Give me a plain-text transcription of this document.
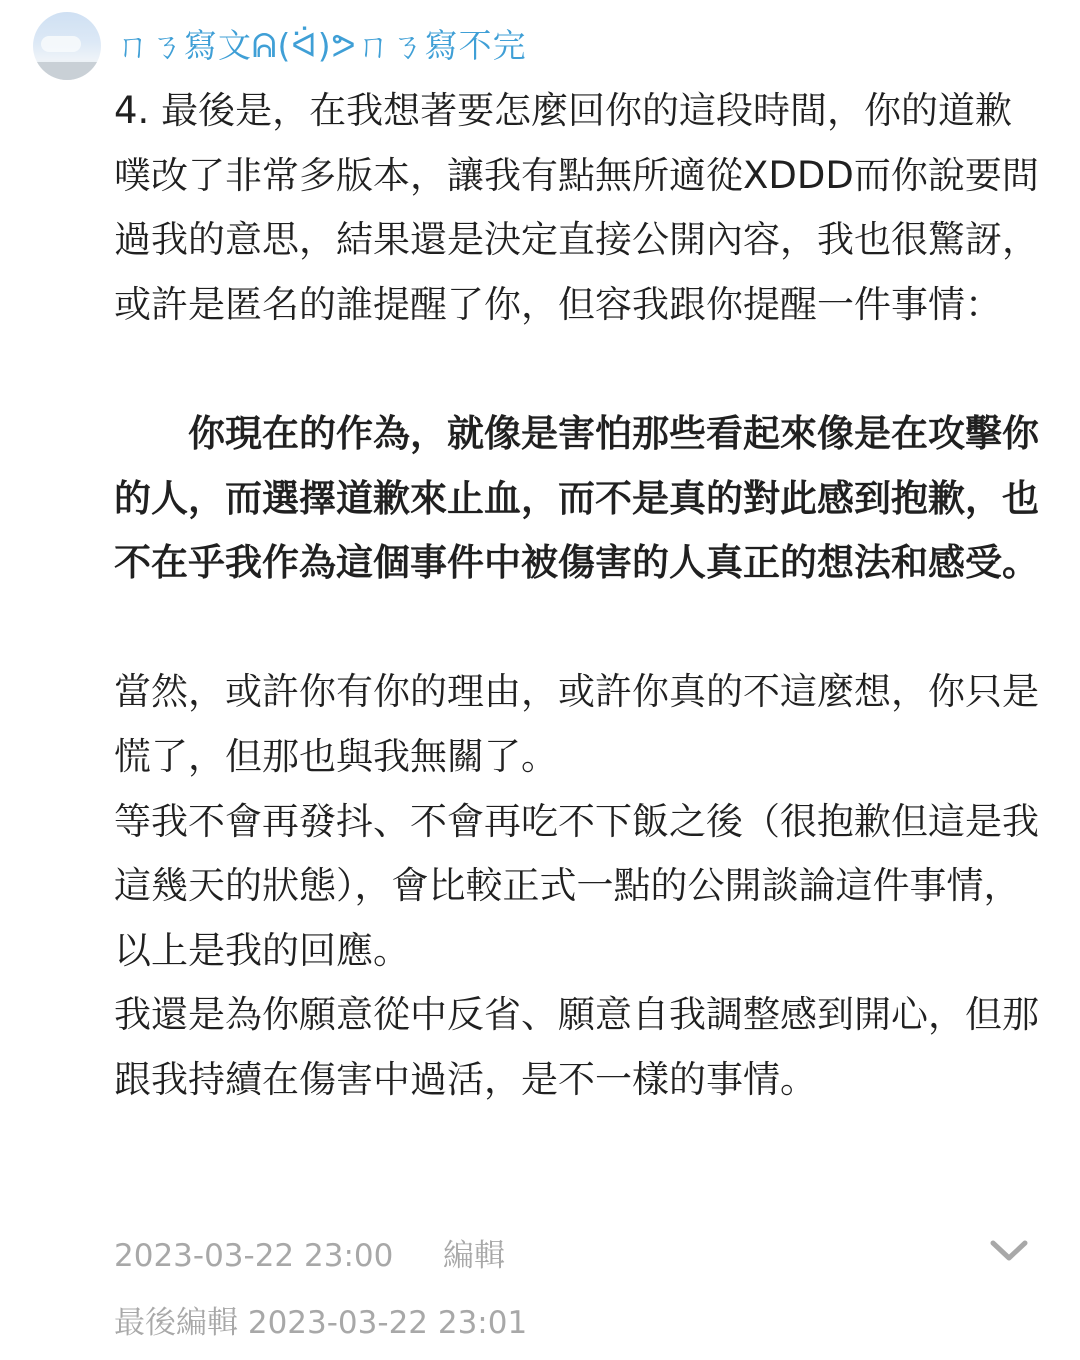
ㄇㄋ寫文ᕱ(ᐛ)ᕗㄇㄋ寫不完

4. 最後是，在我想著要怎麼回你的這段時間，你的道歉噗改了非常多版本，讓我有點無所適從XDDD而你說要問過我的意思，結果還是決定直接公開內容，我也很驚訝，或許是匿名的誰提醒了你，但容我跟你提醒一件事情：

　　你現在的作為，就像是害怕那些看起來像是在攻擊你的人，而選擇道歉來止血，而不是真的對此感到抱歉，也不在乎我作為這個事件中被傷害的人真正的想法和感受。

當然，或許你有你的理由，或許你真的不這麼想，你只是慌了，但那也與我無關了。

等我不會再發抖、不會再吃不下飯之後（很抱歉但這是我這幾天的狀態），會比較正式一點的公開談論這件事情，以上是我的回應。

我還是為你願意從中反省、願意自我調整感到開心，但那跟我持續在傷害中過活，是不一樣的事情。

2023-03-22 23:00 編輯
最後編輯 2023-03-22 23:01
